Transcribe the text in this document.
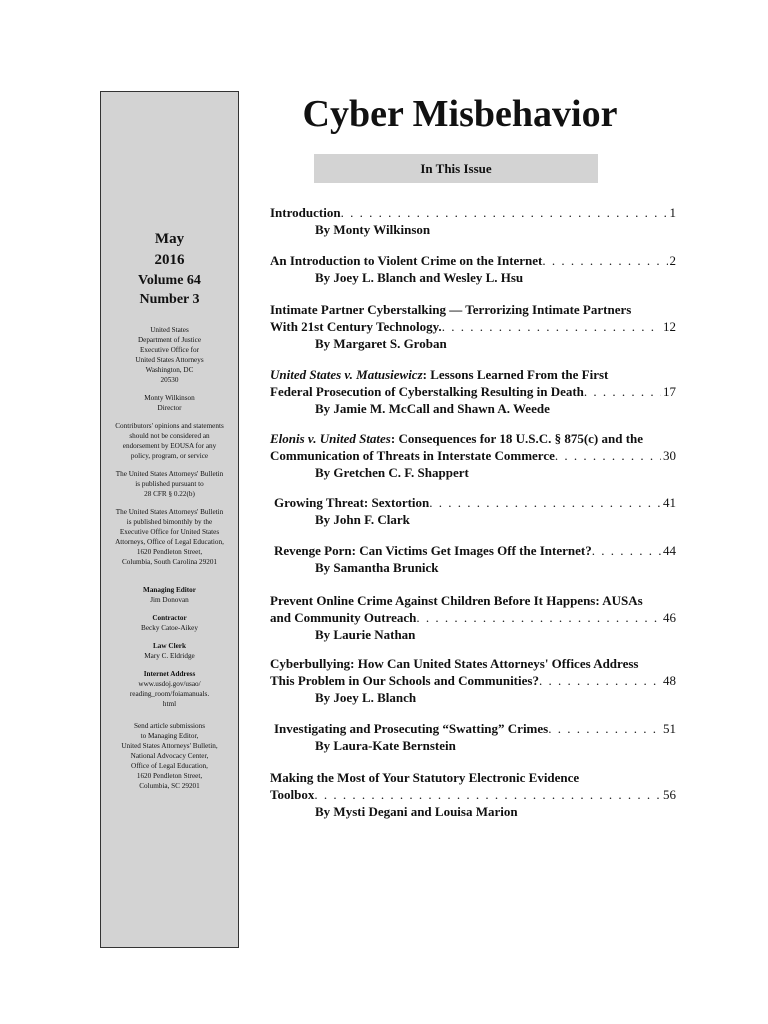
May
2016
Volume 64
Number 3

United States

Department of Justice

Executive Office for

United States Attorneys

Washington, DC

20530

Monty Wilkinson

Director

Contributors' opinions and statements

should not be considered an

endorsement by EOUSA for any

policy, program, or service

The United States Attorneys' Bulletin

is published pursuant to

28 CFR § 0.22(b)

The United States Attorneys' Bulletin

is published bimonthly by the

Executive Office for United States

Attorneys, Office of Legal Education,

1620 Pendleton Street,

Columbia, South Carolina 29201

Managing Editor

Jim Donovan

Contractor

Becky Catoe-Aikey

Law Clerk

Mary C. Eldridge

Internet Address

www.usdoj.gov/usao/

reading_room/foiamanuals.

html

Send article submissions

to Managing Editor,

United States Attorneys' Bulletin,

National Advocacy Center,

Office of Legal Education,

1620 Pendleton Street,

Columbia, SC 29201

Cyber Misbehavior
In This Issue
Introduction . . .	1
By Monty Wilkinson
An Introduction to Violent Crime on the Internet . . .	2
By Joey L. Blanch and Wesley L. Hsu
Intimate Partner Cyberstalking — Terrorizing Intimate Partners
With 21st Century Technology. . . .	12
By Margaret S. Groban
United States v. Matusiewicz: Lessons Learned From the First
Federal Prosecution of Cyberstalking Resulting in Death . . .	17
By Jamie M. McCall and Shawn A. Weede
Elonis v. United States: Consequences for 18 U.S.C. § 875(c) and the
Communication of Threats in Interstate Commerce . . .	30
By Gretchen C. F. Shappert
Growing Threat: Sextortion . . .	41
By John F. Clark
Revenge Porn: Can Victims Get Images Off the Internet? . . .	44
By Samantha Brunick
Prevent Online Crime Against Children Before It Happens: AUSAs
and Community Outreach . . .	46
By Laurie Nathan
Cyberbullying: How Can United States Attorneys' Offices Address
This Problem in Our Schools and Communities? . . .	48
By Joey L. Blanch
Investigating and Prosecuting “Swatting” Crimes . . .	51
By Laura-Kate Bernstein
Making the Most of Your Statutory Electronic Evidence
Toolbox . . .	56
By Mysti Degani and Louisa Marion
